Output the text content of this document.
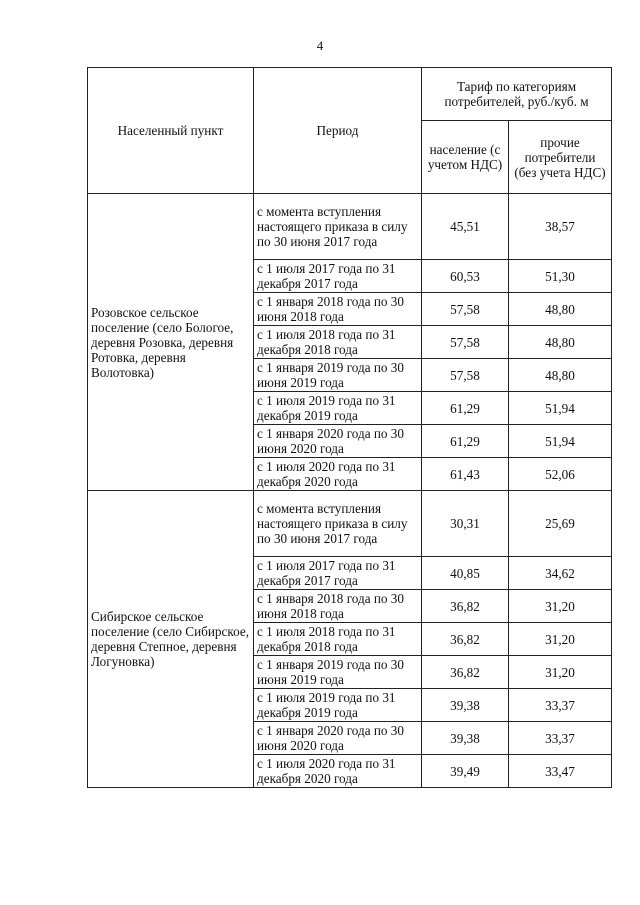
4
Населенный пункт	Период	Тариф по категориям потребителей, руб./куб. м	
		население (с учетом НДС)	прочие потребители (без учета НДС)
Розовское сельское поселение (село Бологое, деревня Розовка, деревня Ротовка, деревня Волотовка)	с момента вступления настоящего приказа в силу по 30 июня 2017 года	45,51	38,57
	с 1 июля 2017 года по 31 декабря 2017 года	60,53	51,30
	с 1 января 2018 года по 30 июня 2018 года	57,58	48,80
	с 1 июля 2018 года по 31 декабря 2018 года	57,58	48,80
	с 1 января 2019 года по 30 июня 2019 года	57,58	48,80
	с 1 июля 2019 года по 31 декабря 2019 года	61,29	51,94
	с 1 января 2020 года по 30 июня 2020 года	61,29	51,94
	с 1 июля 2020 года по 31 декабря 2020 года	61,43	52,06
Сибирское сельское поселение (село Сибирское, деревня Степное, деревня Логуновка)	с момента вступления настоящего приказа в силу по 30 июня 2017 года	30,31	25,69
	с 1 июля 2017 года по 31 декабря 2017 года	40,85	34,62
	с 1 января 2018 года по 30 июня 2018 года	36,82	31,20
	с 1 июля 2018 года по 31 декабря 2018 года	36,82	31,20
	с 1 января 2019 года по 30 июня 2019 года	36,82	31,20
	с 1 июля 2019 года по 31 декабря 2019 года	39,38	33,37
	с 1 января 2020 года по 30 июня 2020 года	39,38	33,37
	с 1 июля 2020 года по 31 декабря 2020 года	39,49	33,47
